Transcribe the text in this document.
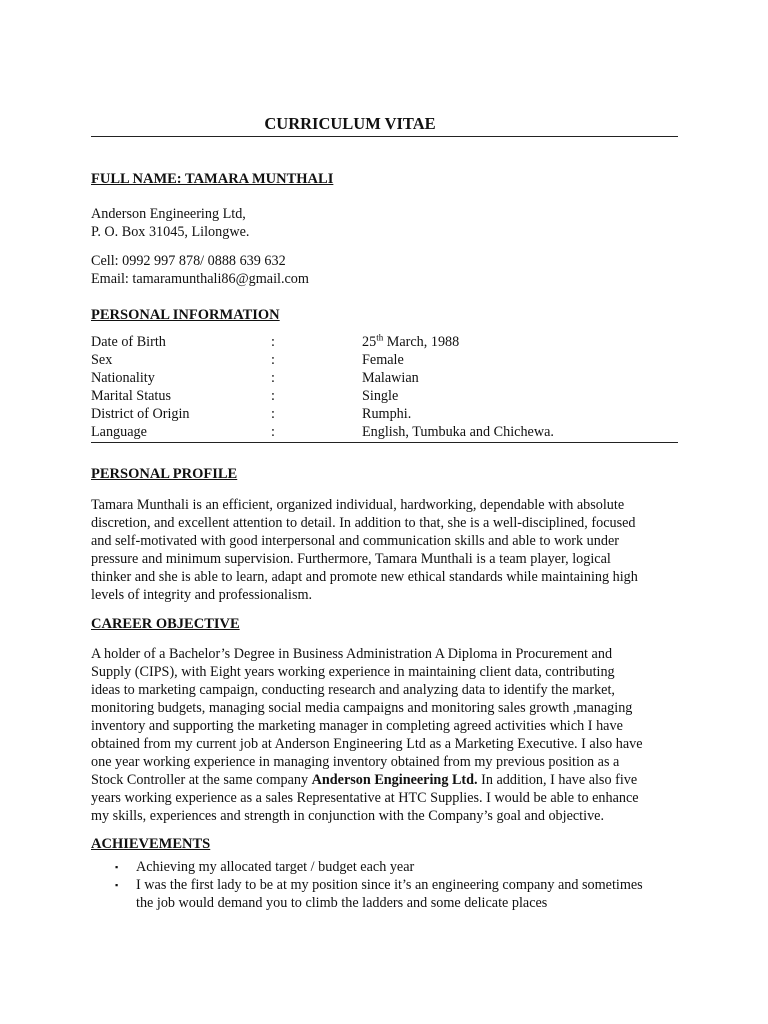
CURRICULUM VITAE
FULL NAME: TAMARA MUNTHALI
Anderson Engineering Ltd,
P. O. Box 31045, Lilongwe.
Cell: 0992 997 878/ 0888 639 632
Email: tamaramunthali86@gmail.com
PERSONAL INFORMATION
Date of Birth	:	25th March, 1988
Sex	:	Female
Nationality	:	Malawian
Marital Status	:	Single
District of Origin	:	Rumphi.
Language	:	English, Tumbuka and Chichewa.
PERSONAL PROFILE
Tamara Munthali is an efficient, organized individual, hardworking, dependable with absolute
discretion, and excellent attention to detail. In addition to that, she is a well-disciplined, focused
and self-motivated with good interpersonal and communication skills and able to work under
pressure and minimum supervision. Furthermore, Tamara Munthali is a team player, logical
thinker and she is able to learn, adapt and promote new ethical standards while maintaining high
levels of integrity and professionalism.
CAREER OBJECTIVE
A holder of a Bachelor’s Degree in Business Administration A Diploma in Procurement and
Supply (CIPS), with Eight years working experience in maintaining client data, contributing
ideas to marketing campaign, conducting research and analyzing data to identify the market,
monitoring budgets, managing social media campaigns and monitoring sales growth ,managing
inventory and supporting the marketing manager in completing agreed activities which I have
obtained from my current job at Anderson Engineering Ltd as a Marketing Executive. I also have
one year working experience in managing inventory obtained from my previous position as a
Stock Controller at the same company Anderson Engineering Ltd. In addition, I have also five
years working experience as a sales Representative at HTC Supplies. I would be able to enhance
my skills, experiences and strength in conjunction with the Company’s goal and objective.
ACHIEVEMENTS
▪ Achieving my allocated target / budget each year
▪ I was the first lady to be at my position since it’s an engineering company and sometimes
the job would demand you to climb the ladders and some delicate places
